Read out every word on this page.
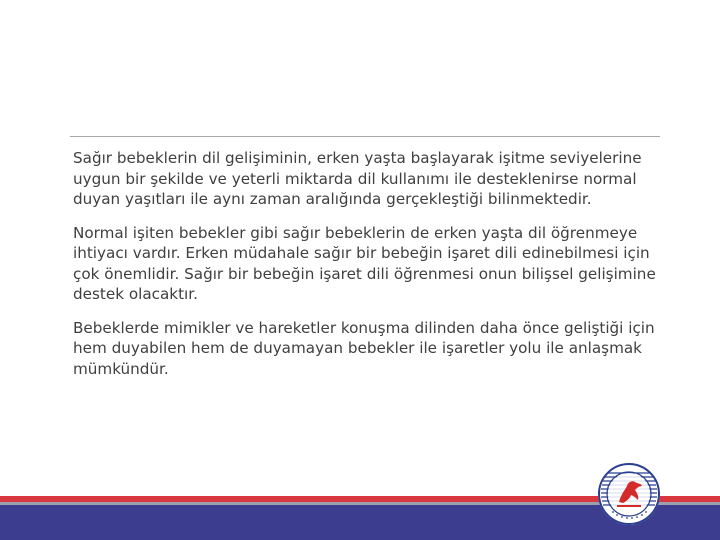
Sağır bebeklerin dil gelişiminin, erken yaşta başlayarak işitme seviyelerine uygun bir şekilde ve yeterli miktarda dil kullanımı ile desteklenirse normal duyan yaşıtları ile aynı zaman aralığında gerçekleştiği bilinmektedir.

Normal işiten bebekler gibi sağır bebeklerin de erken yaşta dil öğrenmeye ihtiyacı vardır. Erken müdahale sağır bir bebeğin işaret dili edinebilmesi için çok önemlidir. Sağır bir bebeğin işaret dili öğrenmesi onun bilişsel gelişimine destek olacaktır.

Bebeklerde mimikler ve hareketler konuşma dilinden daha önce geliştiği için hem duyabilen hem de duyamayan bebekler ile işaretler yolu ile anlaşmak mümkündür.
